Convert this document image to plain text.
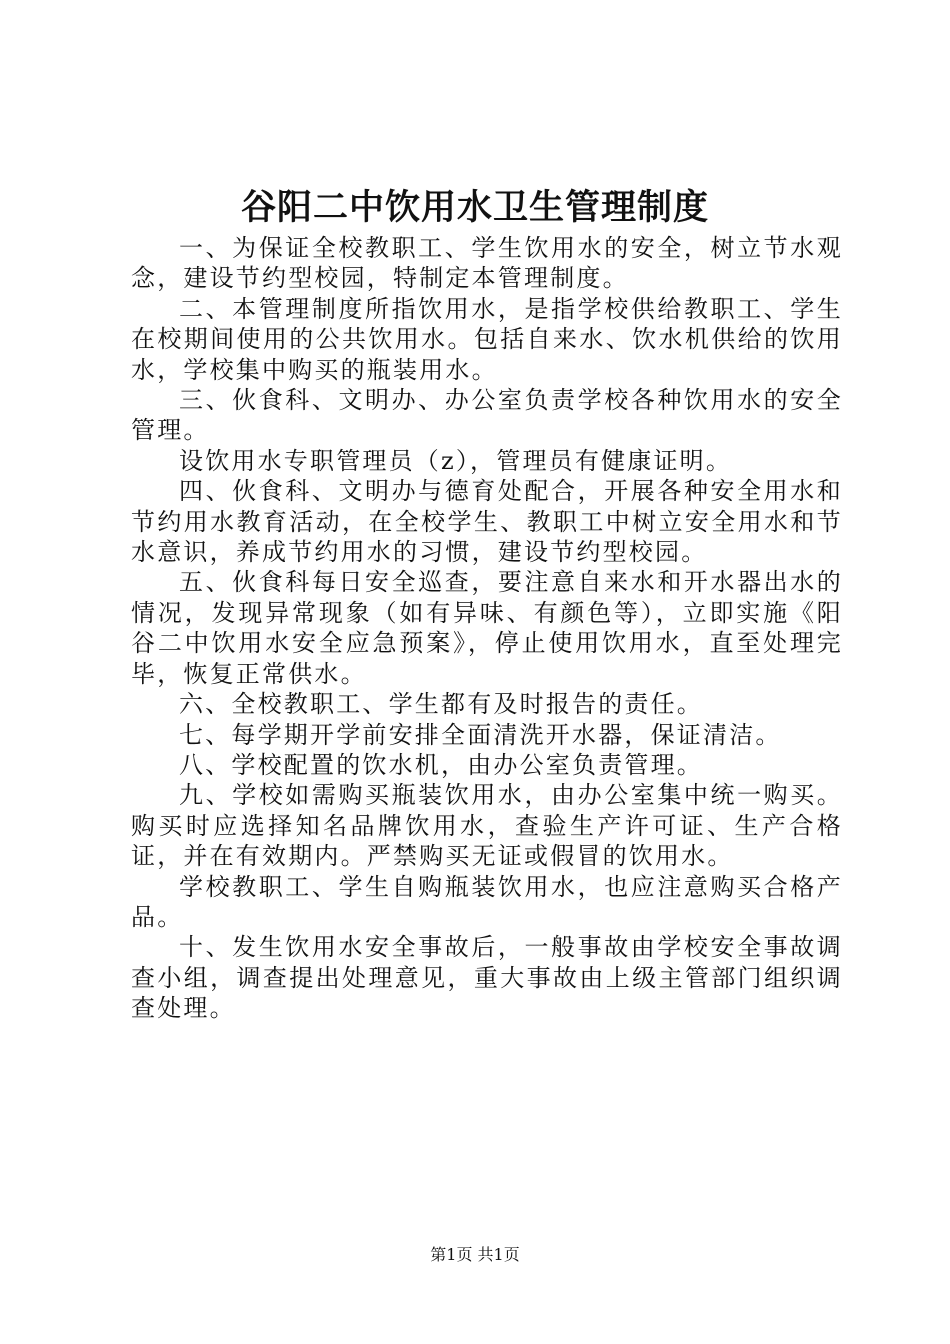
谷阳二中饮用水卫生管理制度

一、为保证全校教职工、学生饮用水的安全，树立节水观念，建设节约型校园，特制定本管理制度。

二、本管理制度所指饮用水，是指学校供给教职工、学生在校期间使用的公共饮用水。包括自来水、饮水机供给的饮用水，学校集中购买的瓶装用水。

三、伙食科、文明办、办公室负责学校各种饮用水的安全管理。

设饮用水专职管理员（z），管理员有健康证明。

四、伙食科、文明办与德育处配合，开展各种安全用水和节约用水教育活动，在全校学生、教职工中树立安全用水和节水意识，养成节约用水的习惯，建设节约型校园。

五、伙食科每日安全巡查，要注意自来水和开水器出水的情况，发现异常现象（如有异味、有颜色等），立即实施《阳谷二中饮用水安全应急预案》，停止使用饮用水，直至处理完毕，恢复正常供水。

六、全校教职工、学生都有及时报告的责任。

七、每学期开学前安排全面清洗开水器，保证清洁。

八、学校配置的饮水机，由办公室负责管理。

九、学校如需购买瓶装饮用水，由办公室集中统一购买。购买时应选择知名品牌饮用水，查验生产许可证、生产合格证，并在有效期内。严禁购买无证或假冒的饮用水。

学校教职工、学生自购瓶装饮用水，也应注意购买合格产品。

十、发生饮用水安全事故后，一般事故由学校安全事故调查小组，调查提出处理意见，重大事故由上级主管部门组织调查处理。

第1页 共1页
